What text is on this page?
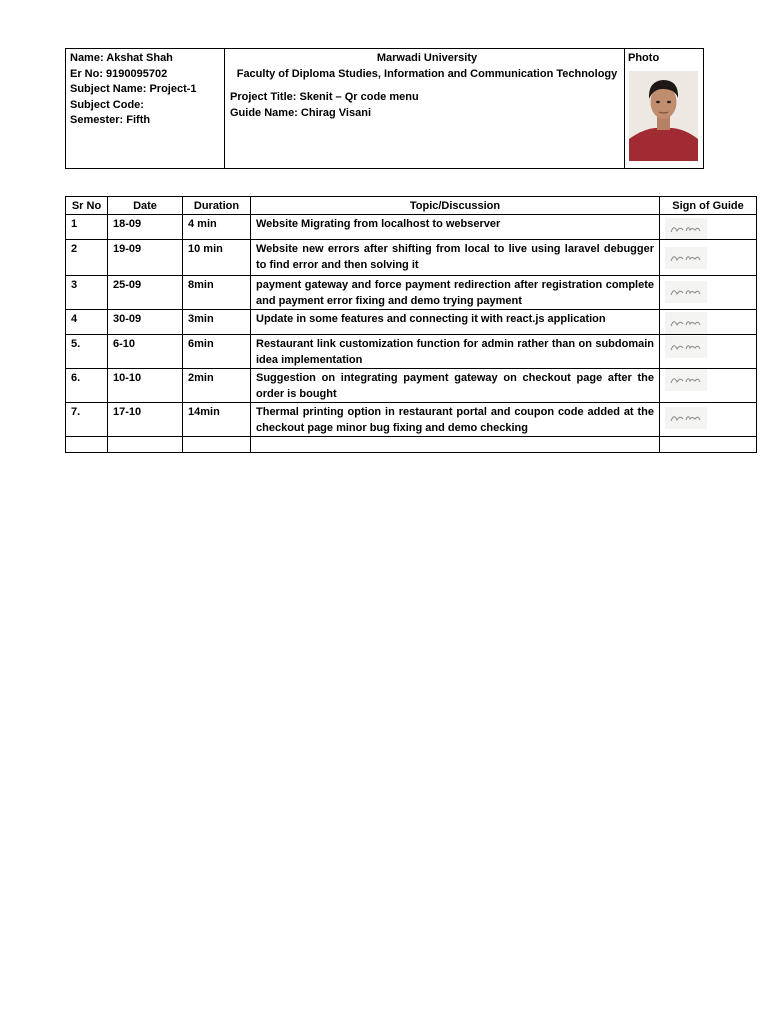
Name: Akshat Shah
Er No: 9190095702
Subject Name: Project-1
Subject Code:
Semester: Fifth

Marwadi University
Faculty of Diploma Studies, Information and Communication Technology
Project Title: Skenit – Qr code menu
Guide Name: Chirag Visani

Photo
Sr No	Date	Duration	Topic/Discussion	Sign of Guide
1	18-09	4 min	Website Migrating from localhost to webserver	

2	19-09	10 min	Website new errors after shifting from local to live using laravel debugger to find error and then solving it	

3	25-09	8min	payment gateway and force payment redirection after registration complete and payment error fixing and demo trying payment	

4	30-09	3min	Update in some features and connecting it with react.js application	

5.	6-10	6min	Restaurant link customization function for admin rather than on subdomain idea implementation	

6.	10-10	2min	Suggestion on integrating payment gateway on checkout page after the order is bought	

7.	17-10	14min	Thermal printing option in restaurant portal and coupon code added at the checkout page minor bug fixing and demo checking	
